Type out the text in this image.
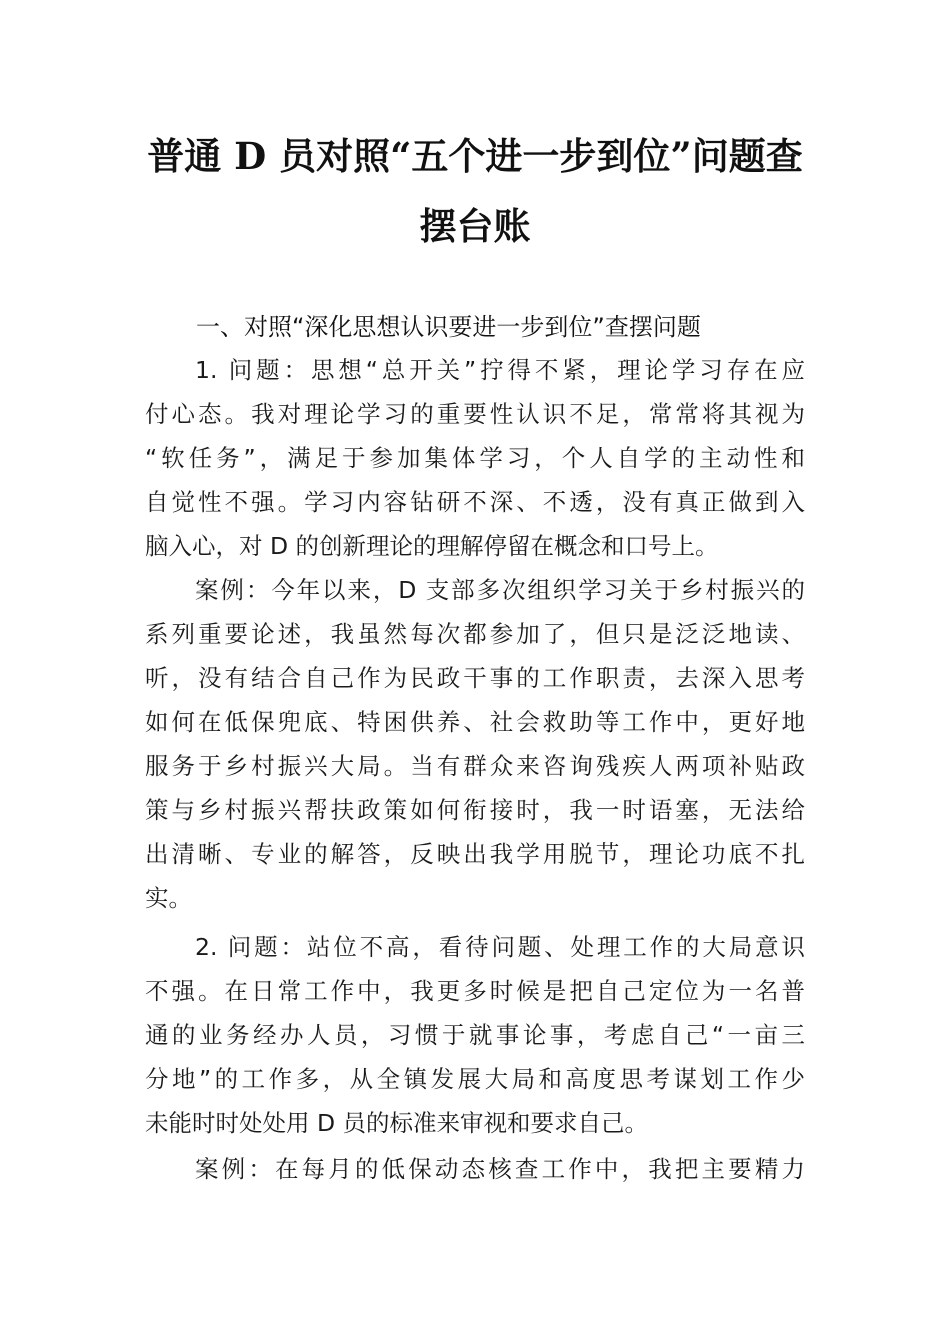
普通 D 员对照“五个进一步到位”问题查
摆台账
一、对照“深化思想认识要进一步到位”查摆问题
1. 问题：思想“总开关”拧得不紧，理论学习存在应
付心态。我对理论学习的重要性认识不足，常常将其视为
“软任务”，满足于参加集体学习，个人自学的主动性和
自觉性不强。学习内容钻研不深、不透，没有真正做到入
脑入心，对 D 的创新理论的理解停留在概念和口号上。
案例：今年以来，D 支部多次组织学习关于乡村振兴的
系列重要论述，我虽然每次都参加了，但只是泛泛地读、
听，没有结合自己作为民政干事的工作职责，去深入思考
如何在低保兜底、特困供养、社会救助等工作中，更好地
服务于乡村振兴大局。当有群众来咨询残疾人两项补贴政
策与乡村振兴帮扶政策如何衔接时，我一时语塞，无法给
出清晰、专业的解答，反映出我学用脱节，理论功底不扎
实。
2. 问题：站位不高，看待问题、处理工作的大局意识
不强。在日常工作中，我更多时候是把自己定位为一名普
通的业务经办人员，习惯于就事论事，考虑自己“一亩三
分地”的工作多，从全镇发展大局和高度思考谋划工作少
未能时时处处用 D 员的标准来审视和要求自己。
案例：在每月的低保动态核查工作中，我把主要精力
